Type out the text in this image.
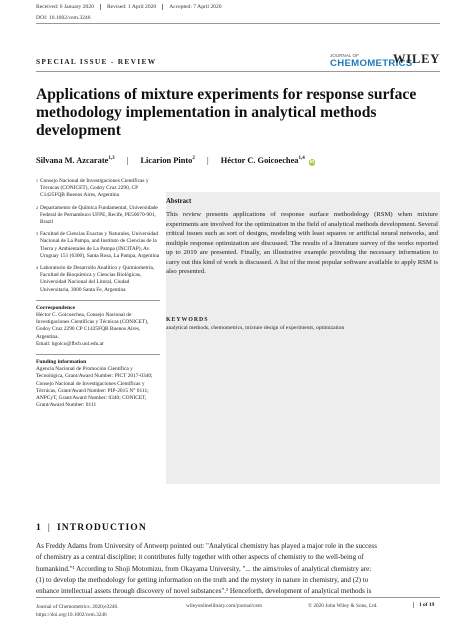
Received: 6 January 2020	Revised: 1 April 2020	Accepted: 7 April 2020
DOI: 10.1002/cem.3246
JOURNAL OF
CHEMOMETRICS
WILEY
SPECIAL ISSUE - REVIEW
Applications of mixture experiments for response surface
methodology implementation in analytical methods
development
Silvana M. Azcarate$^{1,3}$ | Licarion Pinto$^2$ | Héctor C. Goicoechea$^{1,4}$ iD
1 Consejo Nacional de Investigaciones Científicas y Técnicas (CONICET), Godoy Cruz 2290, CP C1425FQB Buenos Aires, Argentina
2 Departamento de Química Fundamental, Universidade Federal de Pernambuco UFPE, Recife, PE50670-901, Brazil
3 Facultad de Ciencias Exactas y Naturales, Universidad Nacional de La Pampa, and Instituto de Ciencias de la Tierra y Ambientales de La Pampa (INCITAP), Av. Uruguay 151 (6300), Santa Rosa, La Pampa, Argentina
4 Laboratorio de Desarrollo Analítico y Quimiometría, Facultad de Bioquímica y Ciencias Biológicas, Universidad Nacional del Litoral, Ciudad Universitaria, 3000 Santa Fe, Argentina
Correspondence
Héctor C. Goicoechea, Consejo Nacional de Investigaciones Científicas y Técnicas (CONICET), Godoy Cruz 2290 CP C1425FQB Buenos Aires, Argentina.
Email: hgoico@fbcb.unl.edu.ar
Funding information
Agencia Nacional de Promoción Científica y Tecnológica, Grant/Award Number: PICT 2017-0340; Consejo Nacional de Investigaciones Científicas y Técnicas, Grant/Award Number: PIP-2015 N° 0111; ANPCyT, Grant/Award Number: 0340; CONICET, Grant/Award Number: 0111
Abstract
This review presents applications of response surface methodology (RSM) when mixture experiments are involved for the optimization in the field of analytical methods development. Several critical issues such as sort of designs, modeling with least squares or artificial neural networks, and multiple response optimization are discussed. The results of a literature survey of the works reported up to 2019 are presented. Finally, an illustrative example providing the necessary information to carry out this kind of work is discussed. A list of the most popular software available to apply RSM is also presented.
KEYWORDS
analytical methods, chemometrics, mixture design of experiments, optimization
1 | INTRODUCTION
As Freddy Adams from University of Antwerp pointed out: "Analytical chemistry has played a major role in the success
of chemistry as a central discipline; it contributes fully together with other aspects of chemistry to the well-being of
humankind."¹ According to Shoji Motomizu, from Okayama University, "... the aims/roles of analytical chemistry are:
(1) to develop the methodology for getting information on the truth and the mystery in nature in chemistry, and (2) to
enhance intellectual assets through discovery of novel substances".² Henceforth, development of analytical methods is
Journal of Chemometrics. 2020;e3246.
https://doi.org/10.1002/cem.3246
wileyonlinelibrary.com/journal/cem	© 2020 John Wiley & Sons, Ltd.	1 of 19
